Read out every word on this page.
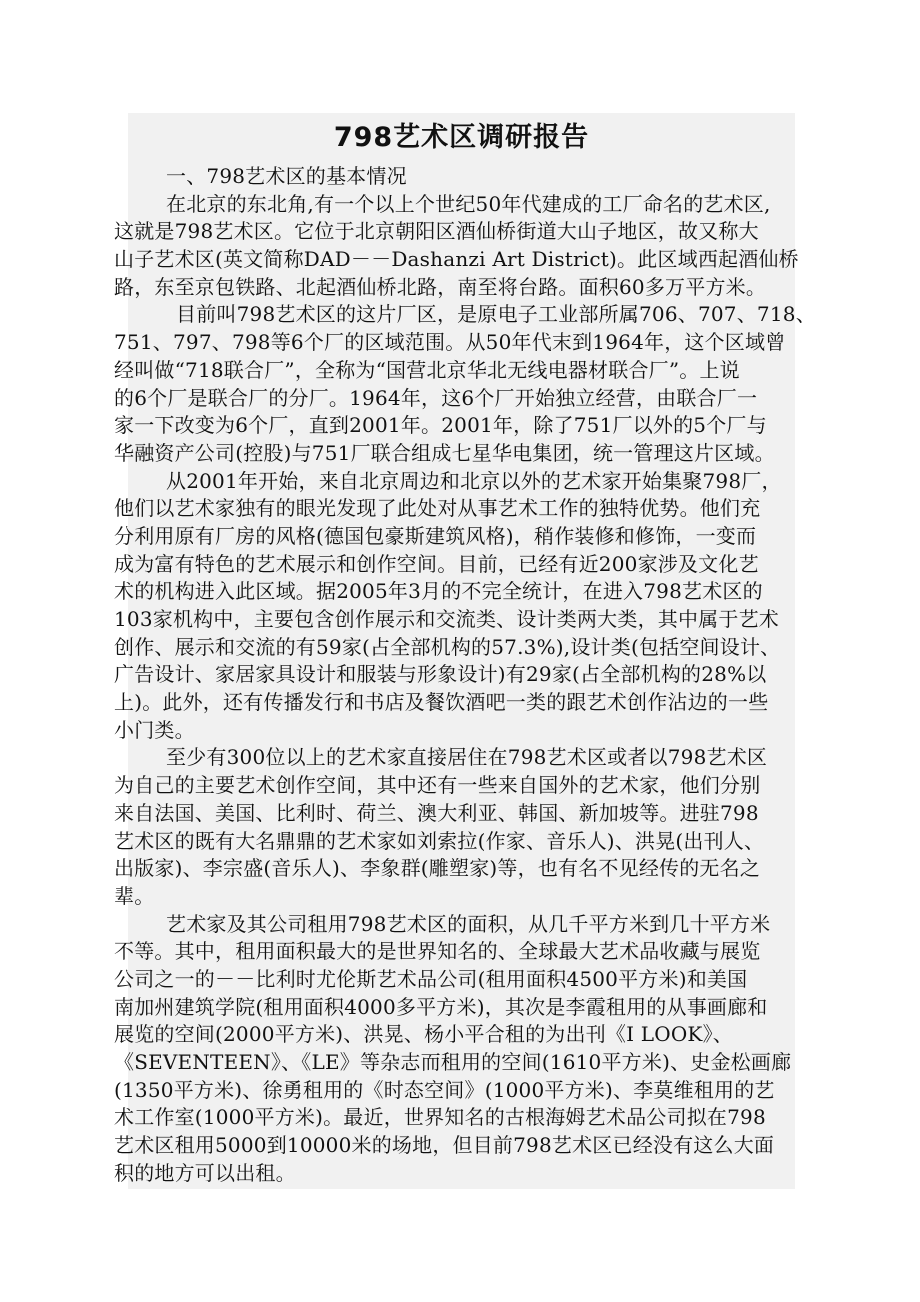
798艺术区调研报告
一、798艺术区的基本情况
在北京的东北角,有一个以上个世纪50年代建成的工厂命名的艺术区,
这就是798艺术区。它位于北京朝阳区酒仙桥街道大山子地区，故又称大
山子艺术区(英文简称DAD－－Dashanzi Art District)。此区域西起酒仙桥
路，东至京包铁路、北起酒仙桥北路，南至将台路。面积60多万平方米。
目前叫798艺术区的这片厂区，是原电子工业部所属706、707、718、
751、797、798等6个厂的区域范围。从50年代末到1964年，这个区域曾
经叫做“718联合厂”，全称为“国营北京华北无线电器材联合厂”。上说
的6个厂是联合厂的分厂。1964年，这6个厂开始独立经营，由联合厂一
家一下改变为6个厂，直到2001年。2001年，除了751厂以外的5个厂与
华融资产公司(控股)与751厂联合组成七星华电集团，统一管理这片区域。
从2001年开始，来自北京周边和北京以外的艺术家开始集聚798厂，
他们以艺术家独有的眼光发现了此处对从事艺术工作的独特优势。他们充
分利用原有厂房的风格(德国包豪斯建筑风格)，稍作装修和修饰，一变而
成为富有特色的艺术展示和创作空间。目前，已经有近200家涉及文化艺
术的机构进入此区域。据2005年3月的不完全统计，在进入798艺术区的
103家机构中，主要包含创作展示和交流类、设计类两大类，其中属于艺术
创作、展示和交流的有59家(占全部机构的57.3%),设计类(包括空间设计、
广告设计、家居家具设计和服装与形象设计)有29家(占全部机构的28%以
上)。此外，还有传播发行和书店及餐饮酒吧一类的跟艺术创作沾边的一些
小门类。
至少有300位以上的艺术家直接居住在798艺术区或者以798艺术区
为自己的主要艺术创作空间，其中还有一些来自国外的艺术家，他们分别
来自法国、美国、比利时、荷兰、澳大利亚、韩国、新加坡等。进驻798
艺术区的既有大名鼎鼎的艺术家如刘索拉(作家、音乐人)、洪晃(出刊人、
出版家)、李宗盛(音乐人)、李象群(雕塑家)等，也有名不见经传的无名之
辈。
艺术家及其公司租用798艺术区的面积，从几千平方米到几十平方米
不等。其中，租用面积最大的是世界知名的、全球最大艺术品收藏与展览
公司之一的－－比利时尤伦斯艺术品公司(租用面积4500平方米)和美国
南加州建筑学院(租用面积4000多平方米)，其次是李霞租用的从事画廊和
展览的空间(2000平方米)、洪晃、杨小平合租的为出刊《I LOOK》、
《SEVENTEEN》、《LE》等杂志而租用的空间(1610平方米)、史金松画廊
(1350平方米)、徐勇租用的《时态空间》(1000平方米)、李莫维租用的艺
术工作室(1000平方米)。最近，世界知名的古根海姆艺术品公司拟在798
艺术区租用5000到10000米的场地，但目前798艺术区已经没有这么大面
积的地方可以出租。
